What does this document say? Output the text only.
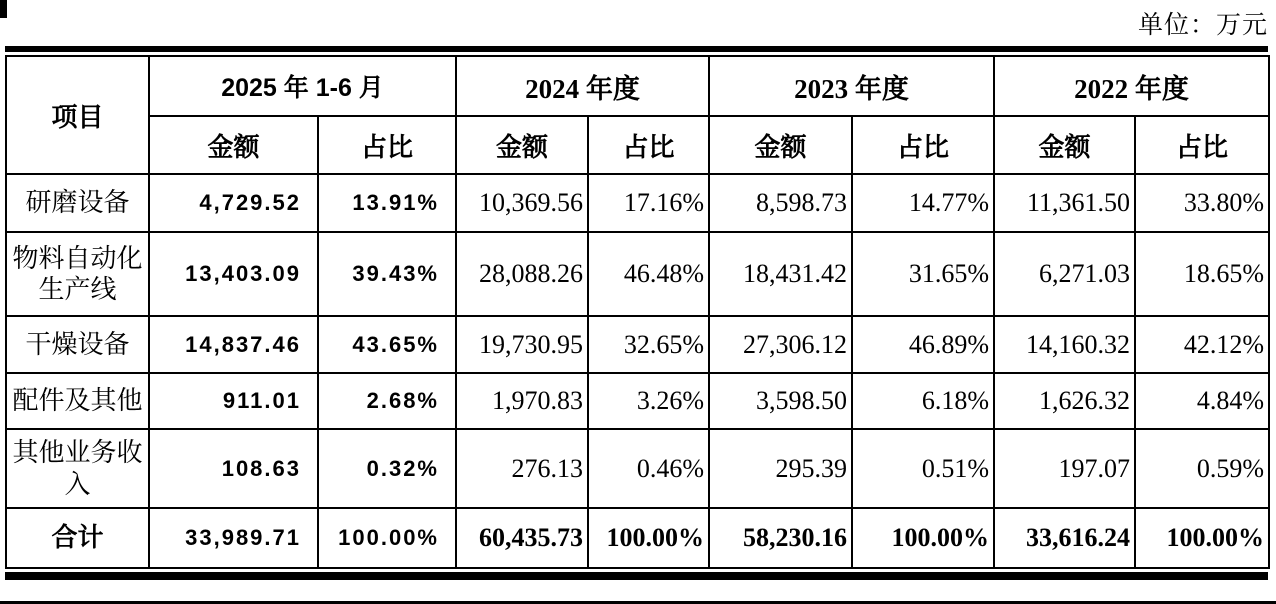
单位：万元
项目	2025 年 1-6 月		2024 年度		2023 年度		2022 年度	
	金额	占比	金额	占比	金额	占比	金额	占比
研磨设备	4,729.52	13.91%	10,369.56	17.16%	8,598.73	14.77%	11,361.50	33.80%
物料自动化生产线	13,403.09	39.43%	28,088.26	46.48%	18,431.42	31.65%	6,271.03	18.65%
干燥设备	14,837.46	43.65%	19,730.95	32.65%	27,306.12	46.89%	14,160.32	42.12%
配件及其他	911.01	2.68%	1,970.83	3.26%	3,598.50	6.18%	1,626.32	4.84%
其他业务收入	108.63	0.32%	276.13	0.46%	295.39	0.51%	197.07	0.59%
合计	33,989.71	100.00%	60,435.73	100.00%	58,230.16	100.00%	33,616.24	100.00%
